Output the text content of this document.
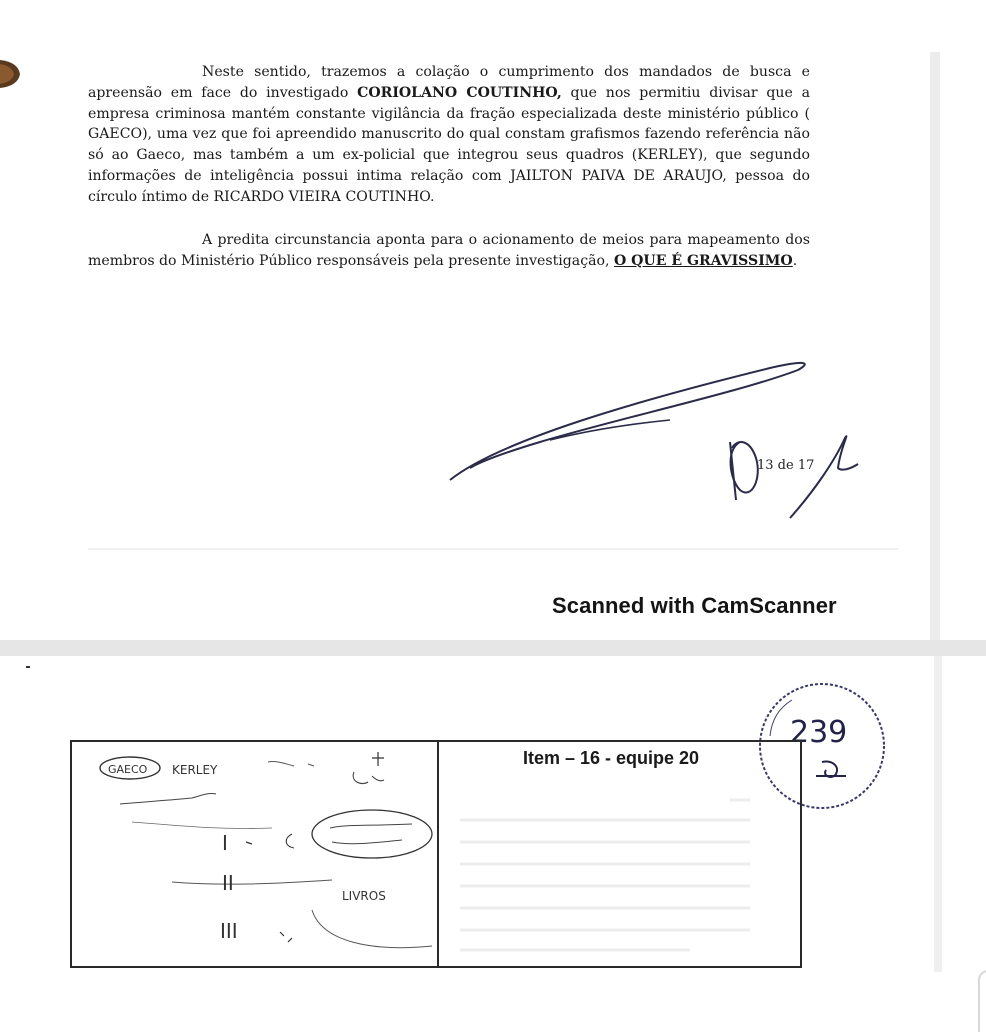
Neste sentido, trazemos a colação o cumprimento dos mandados de busca e apreensão em face do investigado CORIOLANO COUTINHO, que nos permitiu divisar que a empresa criminosa mantém constante vigilância da fração especializada deste ministério público ( GAECO), uma vez que foi apreendido manuscrito do qual constam grafismos fazendo referência não só ao Gaeco, mas também a um ex-policial que integrou seus quadros (KERLEY), que segundo informações de inteligência possui intima relação com JAILTON PAIVA DE ARAUJO, pessoa do círculo íntimo de RICARDO VIEIRA COUTINHO.

A predita circunstancia aponta para o acionamento de meios para mapeamento dos membros do Ministério Público responsáveis pela presente investigação, O QUE É GRAVISSIMO.

13 de 17
Scanned with CamScanner
239
Item – 16 - equipe 20
GAECO KERLEY
I
II
LIVROS
III
